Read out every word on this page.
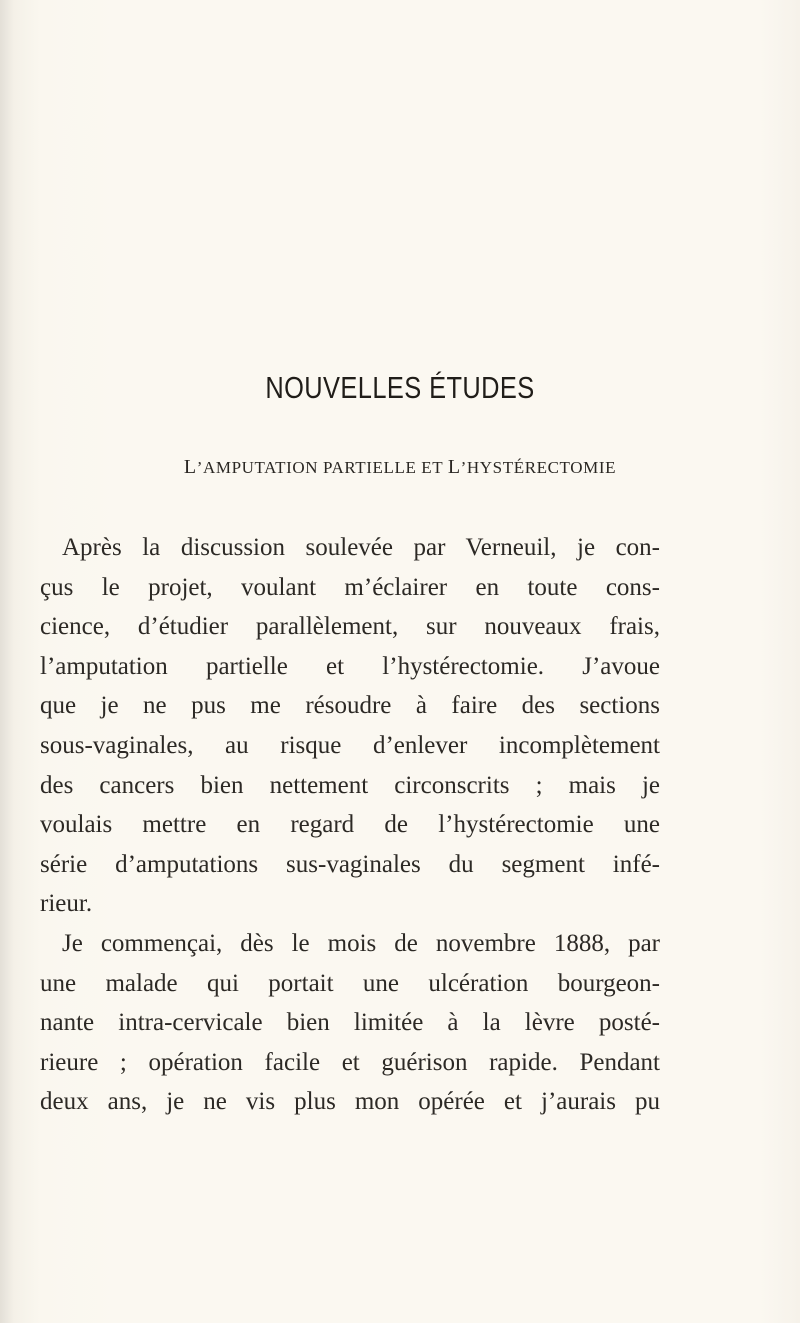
NOUVELLES ÉTUDES
L’AMPUTATION PARTIELLE ET L’HYSTÉRECTOMIE
Après la discussion soulevée par Verneuil, je con-
çus le projet, voulant m’éclairer en toute cons-
cience, d’étudier parallèlement, sur nouveaux frais,
l’amputation partielle et l’hystérectomie. J’avoue
que je ne pus me résoudre à faire des sections
sous-vaginales, au risque d’enlever incomplètement
des cancers bien nettement circonscrits ; mais je
voulais mettre en regard de l’hystérectomie une
série d’amputations sus-vaginales du segment infé-
rieur.
Je commençai, dès le mois de novembre 1888, par
une malade qui portait une ulcération bourgeon-
nante intra-cervicale bien limitée à la lèvre posté-
rieure ; opération facile et guérison rapide. Pendant
deux ans, je ne vis plus mon opérée et j’aurais pu
